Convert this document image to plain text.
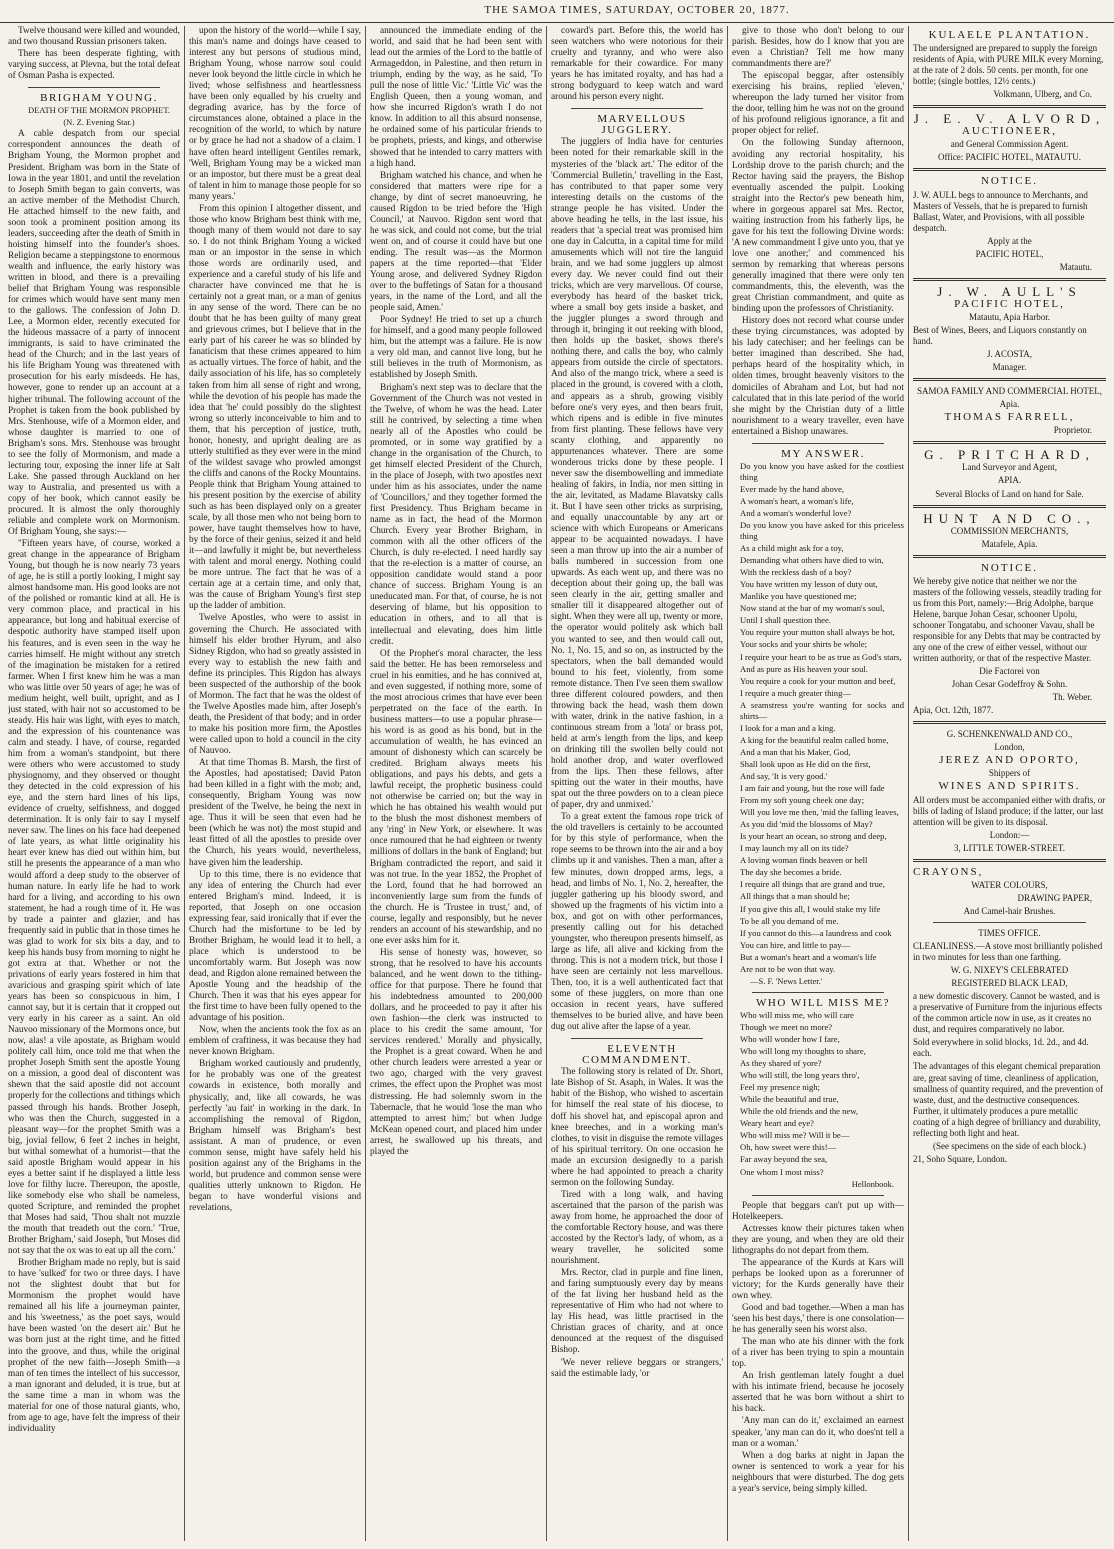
THE SAMOA TIMES, SATURDAY, OCTOBER 20, 1877.

Twelve thousand were killed and wounded, and two thousand Russian prisoners taken.

There has been desperate fighting, with varying success, at Plevna, but the total defeat of Osman Pasha is expected.

BRIGHAM YOUNG.

DEATH OF THE MORMON PROPHET.

(N. Z. Evening Star.)

A cable despatch from our special correspondent announces the death of Brigham Young, the Mormon prophet and President. Brigham was born in the State of Iowa in the year 1801, and until the revelation to Joseph Smith began to gain converts, was an active member of the Methodist Church. He attached himself to the new faith, and soon took a prominent position among its leaders, succeeding after the death of Smith in hoisting himself into the founder's shoes. Religion became a steppingstone to enormous wealth and influence, the early history was written in blood, and there is a prevailing belief that Brigham Young was responsible for crimes which would have sent many men to the gallows. The confession of John D. Lee, a Mormon elder, recently executed for the hideous massacre of a party of innocent immigrants, is said to have criminated the head of the Church; and in the last years of his life Brigham Young was threatened with prosecution for his early misdeeds. He has, however, gone to render up an account at a higher tribunal. The following account of the Prophet is taken from the book published by Mrs. Stenhouse, wife of a Mormon elder, and whose daughter is married to one of Brigham's sons. Mrs. Stenhouse was brought to see the folly of Mormonism, and made a lecturing tour, exposing the inner life at Salt Lake. She passed through Auckland on her way to Australia, and presented us with a copy of her book, which cannot easily be procured. It is almost the only thoroughly reliable and complete work on Mormonism. Of Brigham Young, she says:—

"Fifteen years have, of course, worked a great change in the appearance of Brigham Young, but though he is now nearly 73 years of age, he is still a portly looking, I might say almost handsome man. His good looks are not of the polished or romantic kind at all. He is very common place, and practical in his appearance, but long and habitual exercise of despotic authority have stamped itself upon his features, and is even seen in the way he carries himself. He might without any stretch of the imagination be mistaken for a retired farmer. When I first knew him he was a man who was little over 50 years of age; he was of medium height, well built, upright, and as I just stated, with hair not so accustomed to be steady. His hair was light, with eyes to match, and the expression of his countenance was calm and steady. I have, of course, regarded him from a woman's standpoint, but there were others who were accustomed to study physiognomy, and they observed or thought they detected in the cold expression of his eye, and the stern hard lines of his lips, evidence of cruelty, selfishness, and dogged determination. It is only fair to say I myself never saw. The lines on his face had deepened of late years, as what little originality his heart ever knew has died out within him, but still he presents the appearance of a man who would afford a deep study to the observer of human nature. In early life he had to work hard for a living, and according to his own statement, he had a rough time of it. He was by trade a painter and glazier, and has frequently said in public that in those times he was glad to work for six bits a day, and to keep his hands busy from morning to night he got extra at that. Whether or not the privations of early years fostered in him that avaricious and grasping spirit which of late years has been so conspicuous in him, I cannot say, but it is certain that it cropped out very early in his career as a saint. An old Nauvoo missionary of the Mormons once, but now, alas! a vile apostate, as Brigham would politely call him, once told me that when the prophet Joseph Smith sent the apostle Young on a mission, a good deal of discontent was shewn that the said apostle did not account properly for the collections and tithings which passed through his hands. Brother Joseph, who was then the Church, suggested in a pleasant way—for the prophet Smith was a big, jovial fellow, 6 feet 2 inches in height, but withal somewhat of a humorist—that the said apostle Brigham would appear in his eyes a better saint if he displayed a little less love for filthy lucre. Thereupon, the apostle, like somebody else who shall be nameless, quoted Scripture, and reminded the prophet that Moses had said, 'Thou shalt not muzzle the mouth that treadeth out the corn.' 'True, Brother Brigham,' said Joseph, 'but Moses did not say that the ox was to eat up all the corn.'

Brother Brigham made no reply, but is said to have 'sulked' for two or three days. I have not the slightest doubt that but for Mormonism the prophet would have remained all his life a journeyman painter, and his 'sweetness,' as the poet says, would have been wasted 'on the desert air.' But he was born just at the right time, and he fitted into the groove, and thus, while the original prophet of the new faith—Joseph Smith—a man of ten times the intellect of his successor, a man ignorant and deluded, it is true, but at the same time a man in whom was the material for one of those natural giants, who, from age to age, have felt the impress of their individuality

upon the history of the world—while I say, this man's name and doings have ceased to interest any but persons of studious mind, Brigham Young, whose narrow soul could never look beyond the little circle in which he lived; whose selfishness and heartlessness have been only equalled by his cruelty and degrading avarice, has by the force of circumstances alone, obtained a place in the recognition of the world, to which by nature or by grace he had not a shadow of a claim. I have often heard intelligent Gentiles remark, 'Well, Brigham Young may be a wicked man or an impostor, but there must be a great deal of talent in him to manage those people for so many years.'

From this opinion I altogether dissent, and those who know Brigham best think with me, though many of them would not dare to say so. I do not think Brigham Young a wicked man or an impostor in the sense in which those words are ordinarily used, and experience and a careful study of his life and character have convinced me that he is certainly not a great man, or a man of genius in any sense of the word. There can be no doubt that he has been guilty of many great and grievous crimes, but I believe that in the early part of his career he was so blinded by fanaticism that these crimes appeared to him as actually virtues. The force of habit, and the daily association of his life, has so completely taken from him all sense of right and wrong, while the devotion of his people has made the idea that 'he' could possibly do the slightest wrong so utterly inconceivable to him and to them, that his perception of justice, truth, honor, honesty, and upright dealing are as utterly stultified as they ever were in the mind of the wildest savage who prowled amongst the cliffs and canons of the Rocky Mountains. People think that Brigham Young attained to his present position by the exercise of ability such as has been displayed only on a greater scale, by all those men who not being born to power, have taught themselves how to have, by the force of their genius, seized it and held it—and lawfully it might be, but nevertheless with talent and moral energy. Nothing could be more untrue. The fact that he was of a certain age at a certain time, and only that, was the cause of Brigham Young's first step up the ladder of ambition.

Twelve Apostles, who were to assist in governing the Church. He associated with himself his elder brother Hyrum, and also Sidney Rigdon, who had so greatly assisted in every way to establish the new faith and define its principles. This Rigdon has always been suspected of the authorship of the book of Mormon. The fact that he was the oldest of the Twelve Apostles made him, after Joseph's death, the President of that body; and in order to make his position more firm, the Apostles were called upon to hold a council in the city of Nauvoo.

At that time Thomas B. Marsh, the first of the Apostles, had apostatised; David Paton had been killed in a fight with the mob; and, consequently, Brigham Young was now president of the Twelve, he being the next in age. Thus it will be seen that even had he been (which he was not) the most stupid and least fitted of all the apostles to preside over the Church, his years would, nevertheless, have given him the leadership.

Up to this time, there is no evidence that any idea of entering the Church had ever entered Brigham's mind. Indeed, it is reported, that Joseph on one occasion expressing fear, said ironically that if ever the Church had the misfortune to be led by Brother Brigham, he would lead it to hell, a place which is understood to be uncomfortably warm. But Joseph was now dead, and Rigdon alone remained between the Apostle Young and the headship of the Church. Then it was that his eyes appear for the first time to have been fully opened to the advantage of his position.

Now, when the ancients took the fox as an emblem of craftiness, it was because they had never known Brigham.

Brigham worked cautiously and prudently, for he probably was one of the greatest cowards in existence, both morally and physically, and, like all cowards, he was perfectly 'au fait' in working in the dark. In accomplishing the removal of Rigdon, Brigham himself was Brigham's best assistant. A man of prudence, or even common sense, might have safely held his position against any of the Brighams in the world, but prudence and common sense were qualities utterly unknown to Rigdon. He began to have wonderful visions and revelations,

announced the immediate ending of the world, and said that he had been sent with lead out the armies of the Lord to the battle of Armageddon, in Palestine, and then return in triumph, ending by the way, as he said, 'To pull the nose of little Vic.' 'Little Vic' was the English Queen, then a young woman, and how she incurred Rigdon's wrath I do not know. In addition to all this absurd nonsense, he ordained some of his particular friends to be prophets, priests, and kings, and otherwise showed that he intended to carry matters with a high hand.

Brigham watched his chance, and when he considered that matters were ripe for a change, by dint of secret manoeuvring, he caused Rigdon to be tried before the 'High Council,' at Nauvoo. Rigdon sent word that he was sick, and could not come, but the trial went on, and of course it could have but one ending. The result was—as the Mormon papers at the time reported—that 'Elder Young arose, and delivered Sydney Rigdon over to the buffetings of Satan for a thousand years, in the name of the Lord, and all the people said, Amen.'

Poor Sydney! He tried to set up a church for himself, and a good many people followed him, but the attempt was a failure. He is now a very old man, and cannot live long, but he still believes in the truth of Mormonism, as established by Joseph Smith.

Brigham's next step was to declare that the Government of the Church was not vested in the Twelve, of whom he was the head. Later still he contrived, by selecting a time when nearly all of the Apostles who could be promoted, or in some way gratified by a change in the organisation of the Church, to get himself elected President of the Church, in the place of Joseph, with two apostles next under him as his associates, under the name of 'Councillors,' and they together formed the first Presidency. Thus Brigham became in name as in fact, the head of the Mormon Church. Every year Brother Brigham, in common with all the other officers of the Church, is duly re-elected. I need hardly say that the re-election is a matter of course, an opposition candidate would stand a poor chance of success. Brigham Young is an uneducated man. For that, of course, he is not deserving of blame, but his opposition to education in others, and to all that is intellectual and elevating, does him little credit.

Of the Prophet's moral character, the less said the better. He has been remorseless and cruel in his enmities, and he has connived at, and even suggested, if nothing more, some of the most atrocious crimes that have ever been perpetrated on the face of the earth. In business matters—to use a popular phrase—his word is as good as his bond, but in the accumulation of wealth, he has evinced an amount of dishonesty which can scarcely be credited. Brigham always meets his obligations, and pays his debts, and gets a lawful receipt, the prophetic business could not otherwise be carried on; but the way in which he has obtained his wealth would put to the blush the most dishonest members of any 'ring' in New York, or elsewhere. It was once rumoured that he had eighteen or twenty millions of dollars in the bank of England; but Brigham contradicted the report, and said it was not true. In the year 1852, the Prophet of the Lord, found that he had borrowed an inconveniently large sum from the funds of the church. He is 'Trustee in trust,' and, of course, legally and responsibly, but he never renders an account of his stewardship, and no one ever asks him for it.

His sense of honesty was, however, so strong, that he resolved to have his accounts balanced, and he went down to the tithing-office for that purpose. There he found that his indebtedness amounted to 200,000 dollars, and he proceeded to pay it after his own fashion—the clerk was instructed to place to his credit the same amount, 'for services rendered.' Morally and physically, the Prophet is a great coward. When he and other church leaders were arrested a year or two ago, charged with the very gravest crimes, the effect upon the Prophet was most distressing. He had solemnly sworn in the Tabernacle, that he would 'lose the man who attempted to arrest him;' but when Judge McKean opened court, and placed him under arrest, he swallowed up his threats, and played the

coward's part. Before this, the world has seen watchers who were notorious for their cruelty and tyranny, and who were also remarkable for their cowardice. For many years he has imitated royalty, and has had a strong bodyguard to keep watch and ward around his person every night.

MARVELLOUS JUGGLERY.

The jugglers of India have for centuries been noted for their remarkable skill in the mysteries of the 'black art.' The editor of the 'Commercial Bulletin,' travelling in the East, has contributed to that paper some very interesting details on the customs of the strange people he has visited. Under the above heading he tells, in the last issue, his readers that 'a special treat was promised him one day in Calcutta, in a capital time for mild amusements which will not tire the languid brain, and we had some jugglers up almost every day. We never could find out their tricks, which are very marvellous. Of course, everybody has heard of the basket trick, where a small boy gets inside a basket, and the juggler plunges a sword through and through it, bringing it out reeking with blood, then holds up the basket, shows there's nothing there, and calls the boy, who calmly appears from outside the circle of spectators. And also of the mango trick, where a seed is placed in the ground, is covered with a cloth, and appears as a shrub, growing visibly before one's very eyes, and then bears fruit, which ripens and is edible in five minutes from first planting. These fellows have very scanty clothing, and apparently no appurtenances whatever. There are some wonderous tricks done by these people. I never saw the disembowelling and immediate healing of fakirs, in India, nor men sitting in the air, levitated, as Madame Blavatsky calls it. But I have seen other tricks as surprising, and equally unaccountable by any art or science with which Europeans or Americans appear to be acquainted nowadays. I have seen a man throw up into the air a number of balls numbered in succession from one upwards. As each went up, and there was no deception about their going up, the ball was seen clearly in the air, getting smaller and smaller till it disappeared altogether out of sight. When they were all up, twenty or more, the operator would politely ask which ball you wanted to see, and then would call out, No. 1, No. 15, and so on, as instructed by the spectators, when the ball demanded would bound to his feet, violently, from some remote distance. Then I've seen them swallow three different coloured powders, and then throwing back the head, wash them down with water, drink in the native fashion, in a continuous stream from a 'lota' or brass pot, held at arm's length from the lips, and keep on drinking till the swollen belly could not hold another drop, and water overflowed from the lips. Then these fellows, after spitting out the water in their mouths, have spat out the three powders on to a clean piece of paper, dry and unmixed.'

To a great extent the famous rope trick of the old travellers is certainly to be accounted for by this style of performance, when the rope seems to be thrown into the air and a boy climbs up it and vanishes. Then a man, after a few minutes, down dropped arms, legs, a head, and limbs of No. 1, No. 2, hereafter, the juggler gathering up his bloody sword, and showed up the fragments of his victim into a box, and got on with other performances, presently calling out for his detached youngster, who thereupon presents himself, as large as life, all alive and kicking from the throng. This is not a modern trick, but those I have seen are certainly not less marvellous. Then, too, it is a well authenticated fact that some of these jugglers, on more than one occasion in recent years, have suffered themselves to be buried alive, and have been dug out alive after the lapse of a year.

ELEVENTH COMMANDMENT.

The following story is related of Dr. Short, late Bishop of St. Asaph, in Wales. It was the habit of the Bishop, who wished to ascertain for himself the real state of his diocese, to doff his shovel hat, and episcopal apron and knee breeches, and in a working man's clothes, to visit in disguise the remote villages of his spiritual territory. On one occasion he made an excursion designedly to a parish where he had appointed to preach a charity sermon on the following Sunday.

Tired with a long walk, and having ascertained that the parson of the parish was away from home, he approached the door of the comfortable Rectory house, and was there accosted by the Rector's lady, of whom, as a weary traveller, he solicited some nourishment.

Mrs. Rector, clad in purple and fine linen, and faring sumptuously every day by means of the fat living her husband held as the representative of Him who had not where to lay His head, was little practised in the Christian graces of charity, and at once denounced at the request of the disguised Bishop.

'We never relieve beggars or strangers,' said the estimable lady, 'or

give to those who don't belong to our parish. Besides, how do I know that you are even a Christian? Tell me how many commandments there are?'

The episcopal beggar, after ostensibly exercising his brains, replied 'eleven,' whereupon the lady turned her visitor from the door, telling him he was not on the ground of his profound religious ignorance, a fit and proper object for relief.

On the following Sunday afternoon, avoiding any rectorial hospitality, his Lordship drove to the parish church; and the Rector having said the prayers, the Bishop eventually ascended the pulpit. Looking straight into the Rector's pew beneath him, where in gorgeous apparel sat Mrs. Rector, waiting instruction from his fatherly lips, he gave for his text the following Divine words: 'A new commandment I give unto you, that ye love one another;' and commenced his sermon by remarking that whereas persons generally imagined that there were only ten commandments, this, the eleventh, was the great Christian commandment, and quite as binding upon the professors of Christianity.

History does not record what course under these trying circumstances, was adopted by his lady catechiser; and her feelings can be better imagined than described. She had, perhaps heard of the hospitality which, in olden times, brought heavenly visitors to the domiciles of Abraham and Lot, but had not calculated that in this late period of the world she might by the Christian duty of a little nourishment to a weary traveller, even have entertained a Bishop unawares.

MY ANSWER.

Do you know you have asked for the costliest thing

Ever made by the hand above,

A woman's heart, a woman's life,

And a woman's wonderful love?

Do you know you have asked for this priceless thing

As a child might ask for a toy,

Demanding what others have died to win,

With the reckless dash of a boy?

You have written my lesson of duty out,

Manlike you have questioned me;

Now stand at the bar of my woman's soul,

Until I shall question thee.

You require your mutton shall always be hot,

Your socks and your shirts be whole;

I require your heart to be as true as God's stars,

And as pure as His heaven your soul.

You require a cook for your mutton and beef,

I require a much greater thing—

A seamstress you're wanting for socks and shirts—

I look for a man and a king.

A king for the beautiful realm called home,

And a man that his Maker, God,

Shall look upon as He did on the first,

And say, 'It is very good.'

I am fair and young, but the rose will fade

From my soft young cheek one day;

Will you love me then, 'mid the falling leaves,

As you did 'mid the blossoms of May?

Is your heart an ocean, so strong and deep,

I may launch my all on its tide?

A loving woman finds heaven or hell

The day she becomes a bride.

I require all things that are grand and true,

All things that a man should be;

If you give this all, I would stake my life

To be all you demand of me.

If you cannot do this—a laundress and cook

You can hire, and little to pay—

But a woman's heart and a woman's life

Are not to be won that way.

—S. F. 'News Letter.'

WHO WILL MISS ME?

Who will miss me, who will care

Though we meet no more?

Who will wonder how I fare,

Who will long my thoughts to share,

As they shared of yore?

Who will still, the long years thro',

Feel my presence nigh;

While the beautiful and true,

While the old friends and the new,

Weary heart and eye?

Who will miss me? Will it be—

Oh, how sweet were this!—

Far away beyond the sea,

One whom I most miss?

Hellonbook.

People that beggars can't put up with—Hotelkeepers.

Actresses know their pictures taken when they are young, and when they are old their lithographs do not depart from them.

The appearance of the Kurds at Kars will perhaps be looked upon as a forerunner of victory; for the Kurds generally have their own whey.

Good and bad together.—When a man has 'seen his best days,' there is one consolation—he has generally seen his worst also.

The man who ate his dinner with the fork of a river has been trying to spin a mountain top.

An Irish gentleman lately fought a duel with his intimate friend, because he jocosely asserted that he was born without a shirt to his back.

'Any man can do it,' exclaimed an earnest speaker, 'any man can do it, who does'nt tell a man or a woman.'

When a dog barks at night in Japan the owner is sentenced to work a year for his neighbours that were disturbed. The dog gets a year's service, being simply killed.

KULAELE PLANTATION.

The undersigned are prepared to supply the foreign residents of Apia, with PURE MILK every Morning, at the rate of 2 dols. 50 cents. per month, for one bottle; (single bottles, 12½ cents.)

Volkmann, Ulberg, and Co.

J. E. V. ALVORD,

AUCTIONEER,

and General Commission Agent.

Office: PACIFIC HOTEL, MATAUTU.

NOTICE.

J. W. AULL begs to announce to Merchants, and Masters of Vessels, that he is prepared to furnish Ballast, Water, and Provisions, with all possible despatch.

Apply at the

PACIFIC HOTEL,

Matautu.

J. W. AULL'S

PACIFIC HOTEL,

Matautu, Apia Harbor.

Best of Wines, Beers, and Liquors constantly on hand.

J. ACOSTA,

Manager.

SAMOA FAMILY AND COMMERCIAL HOTEL,

Apia.

THOMAS FARRELL,

Proprietor.

G. PRITCHARD,

Land Surveyor and Agent,

APIA.

Several Blocks of Land on hand for Sale.

HUNT AND CO.,

COMMISSION MERCHANTS,

Matafele, Apia.

NOTICE.

We hereby give notice that neither we nor the masters of the following vessels, steadily trading for us from this Port, namely:—Brig Adolphe, barque Helene, barque Johan Cesar, schooner Upolu, schooner Tongatabu, and schooner Vavau, shall be responsible for any Debts that may be contracted by any one of the crew of either vessel, without our written authority, or that of the respective Master.

Die Factorei von

Johan Cesar Godeffroy & Sohn.

Th. Weber.

Apia, Oct. 12th, 1877.

G. SCHENKENWALD AND CO.,

London,

JEREZ AND OPORTO,

Shippers of

WINES AND SPIRITS.

All orders must be accompanied either with drafts, or bills of lading of Island produce; if the latter, our last attention will be given to its disposal.

London:—

3, LITTLE TOWER-STREET.

CRAYONS,

WATER COLOURS,

DRAWING PAPER,

And Camel-hair Brushes.

TIMES OFFICE.

CLEANLINESS.—A stove most brilliantly polished in two minutes for less than one farthing.

W. G. NIXEY'S CELEBRATED

REGISTERED BLACK LEAD,

a new domestic discovery. Cannot be wasted, and is a preservative of Furniture from the injurious effects of the common article now in use, as it creates no dust, and requires comparatively no labor.

Sold everywhere in solid blocks, 1d. 2d., and 4d. each.

The advantages of this elegant chemical preparation are, great saving of time, cleanliness of application, smallness of quantity required, and the prevention of waste, dust, and the destructive consequences. Further, it ultimately produces a pure metallic coating of a high degree of brilliancy and durability, reflecting both light and heat.

(See specimens on the side of each block.)

21, Soho Square, London.
